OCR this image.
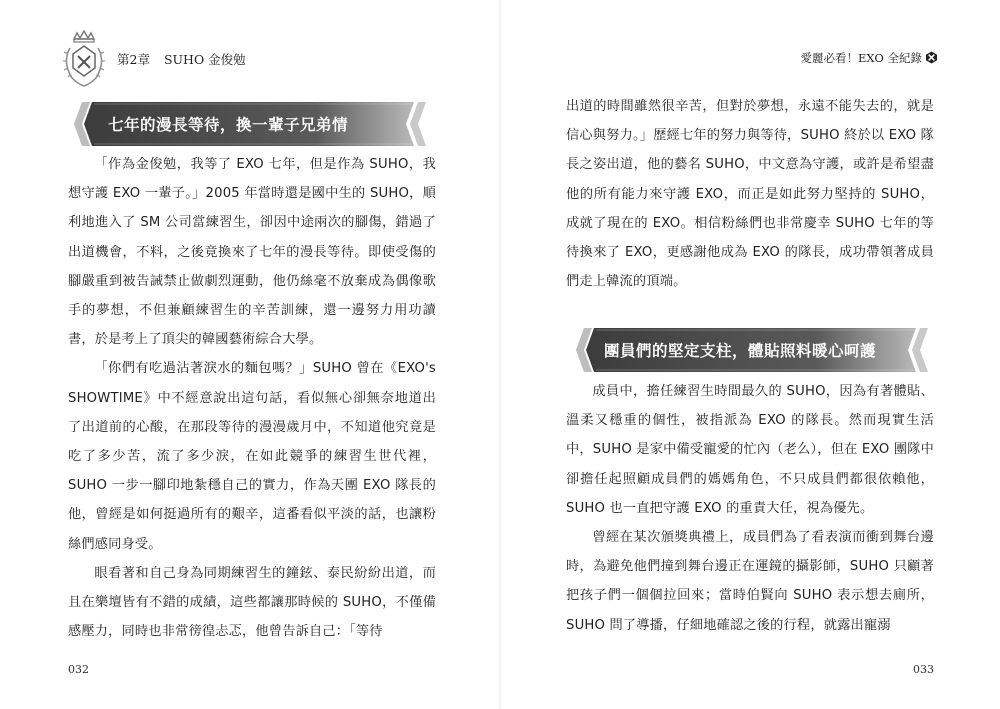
第2章 SUHO 金俊勉	愛麗必看！EXO 全紀錄
七年的漫長等待，換一輩子兄弟情

「作為金俊勉，我等了 EXO 七年，但是作為 SUHO，我想守護 EXO 一輩子。」2005 年當時還是國中生的 SUHO，順利地進入了 SM 公司當練習生，卻因中途兩次的腳傷，錯過了出道機會，不料，之後竟換來了七年的漫長等待。即使受傷的腳嚴重到被告誡禁止做劇烈運動，他仍絲毫不放棄成為偶像歌手的夢想，不但兼顧練習生的辛苦訓練，還一邊努力用功讀書，於是考上了頂尖的韓國藝術綜合大學。

「你們有吃過沾著淚水的麵包嗎？」SUHO 曾在《EXO's SHOWTIME》中不經意說出這句話，看似無心卻無奈地道出了出道前的心酸，在那段等待的漫漫歲月中，不知道他究竟是吃了多少苦，流了多少淚，在如此競爭的練習生世代裡，SUHO 一步一腳印地紮穩自己的實力，作為天團 EXO 隊長的他，曾經是如何挺過所有的艱辛，這番看似平淡的話，也讓粉絲們感同身受。

眼看著和自己身為同期練習生的鐘鉉、泰民紛紛出道，而且在樂壇皆有不錯的成績，這些都讓那時候的 SUHO，不僅備感壓力，同時也非常徬徨忐忑，他曾告訴自己：「等待

032

出道的時間雖然很辛苦，但對於夢想，永遠不能失去的，就是信心與努力。」歷經七年的努力與等待，SUHO 終於以 EXO 隊長之姿出道，他的藝名 SUHO，中文意為守護，或許是希望盡他的所有能力來守護 EXO，而正是如此努力堅持的 SUHO，成就了現在的 EXO。相信粉絲們也非常慶幸 SUHO 七年的等待換來了 EXO，更感謝他成為 EXO 的隊長，成功帶領著成員們走上韓流的頂端。

團員們的堅定支柱，體貼照料暖心呵護

成員中，擔任練習生時間最久的 SUHO，因為有著體貼、溫柔又穩重的個性，被指派為 EXO 的隊長。然而現實生活中，SUHO 是家中備受寵愛的忙內（老么），但在 EXO 團隊中卻擔任起照顧成員們的媽媽角色，不只成員們都很依賴他，SUHO 也一直把守護 EXO 的重責大任，視為優先。

曾經在某次頒獎典禮上，成員們為了看表演而衝到舞台邊時，為避免他們撞到舞台邊正在運鏡的攝影師，SUHO 只顧著把孩子們一個個拉回來；當時伯賢向 SUHO 表示想去廁所，SUHO 問了導播，仔細地確認之後的行程，就露出寵溺

033
